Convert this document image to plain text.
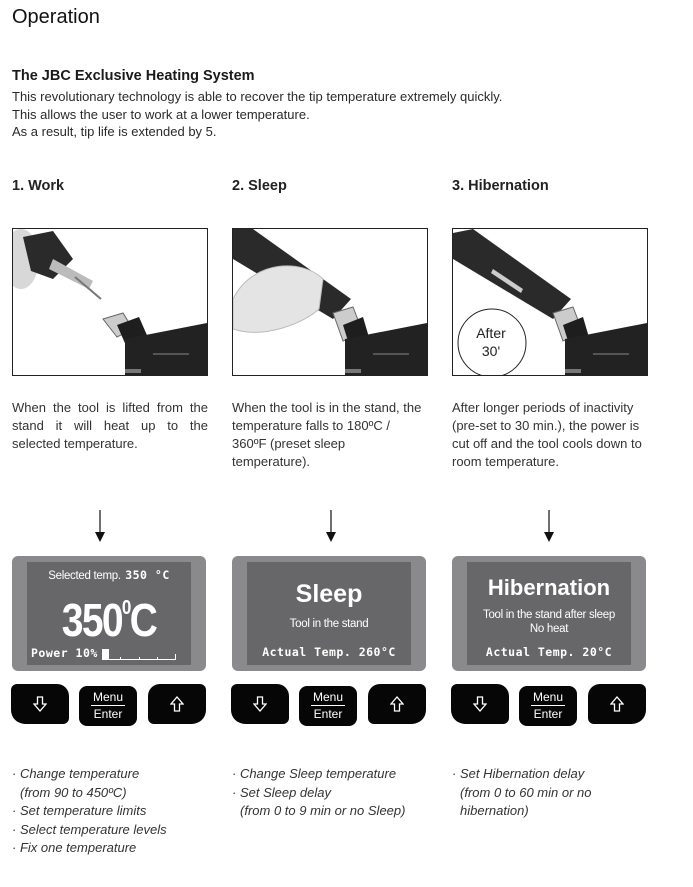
Operation
The JBC Exclusive Heating System
This revolutionary technology is able to recover the tip temperature extremely quickly.
This allows the user to work at a lower temperature.
As a result, tip life is extended by 5.
1. Work	2. Sleep	3. Hibernation
After
30'
When the tool is lifted from the stand it will heat up to the selected temperature.
When the tool is in the stand, the temperature falls to 180ºC / 360ºF (preset sleep temperature).
After longer periods of inactivity (pre-set to 30 min.), the power is cut off and the tool cools down to room temperature.
Selected temp. 350 °C
$350^0C$
Power 10%
Sleep
Tool in the stand
Actual Temp. 260°C
Hibernation
Tool in the stand after sleep
No heat
Actual Temp. 20°C
Menu
Enter
Menu
Enter
Menu
Enter
· Change temperature
(from 90 to 450ºC)
· Set temperature limits
· Select temperature levels
· Fix one temperature
· Change Sleep temperature
· Set Sleep delay
(from 0 to 9 min or no Sleep)
· Set Hibernation delay
(from 0 to 60 min or no
hibernation)
